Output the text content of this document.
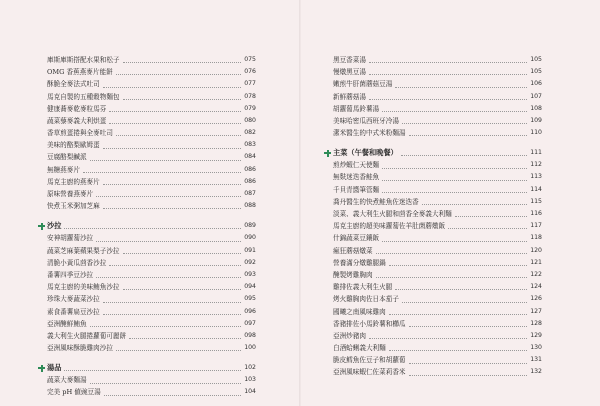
庫斯庫斯搭配水果和松子	075
OMG 香蕉燕麥片能餅	076
酥脆全麥法式吐司	077
馬克自製的五種穀物麵包	078
健康蕎麥乾麥粒馬芬	079
蔬菜藜麥義大利烘蛋	080
香草煎蛋捲與全麥吐司	082
美味的酪梨歐姆蛋	083
豆腐酪梨鹹派	084
無糖燕麥片	086
馬克主廚的燕麥片	086
原味營養燕麥片	087
快煮玉米粥加芝麻	088
沙拉	089
安神胡蘿蔔沙拉	090
蔬菜芝麻葉蘋果梨子沙拉	091
清脆小黃瓜茴香沙拉	092
番薯四季豆沙拉	093
馬克主廚的美味鮪魚沙拉	094
珍珠大麥蔬菜沙拉	095
素食番薯扁豆沙拉	096
亞洲醃鮮鮪魚	097
義大利生火腿捲蘿蔔可麗餅	098
亞洲風味酥脆雞肉沙拉	100
湯品	102
蔬菜大麥麵湯	103
完美 pH 値豌豆湯	104
黑豆香菜湯	105
慢燉黑豆湯	105
嫩煎牛肝菌蘑菇豆湯	106
新鮮蘑菇湯	107
胡蘿蔔馬鈴薯湯	108
美味哈密瓜西班牙冷湯	109
潔米醫生的中式米粉麵湯	110
主菜（午餐和晚餐）	111
煎炒蝦仁天使麵	112
無麩迷迭香鮭魚	113
千貝青醬筆管麵	114
喬丹醫生的快煮鮭魚佐迷迭香	115
淡菜、義大利生火腿和茴香全麥義大利麵	116
馬克主廚的超美味蘿蔔佐羊肚菌蘑燉飯	117
什錦蔬菜豆鑲飯	118
瘋狂蘑菇燉菜	120
營養滿分燉雞腿鍋	121
醃製烤雞胸肉	122
雞排佐義大利生火腿	124
烤火雞胸肉佐日本茄子	126
國曦之南風味雞肉	127
香豬排佐小馬鈴薯和櫛瓜	128
亞洲炒豬肉	129
白酒蛤蜊義大利麵	130
脆皮鱈魚佐豆子和胡蘿蔔	131
亞洲風味蝦仁佐菜莉香米	132
